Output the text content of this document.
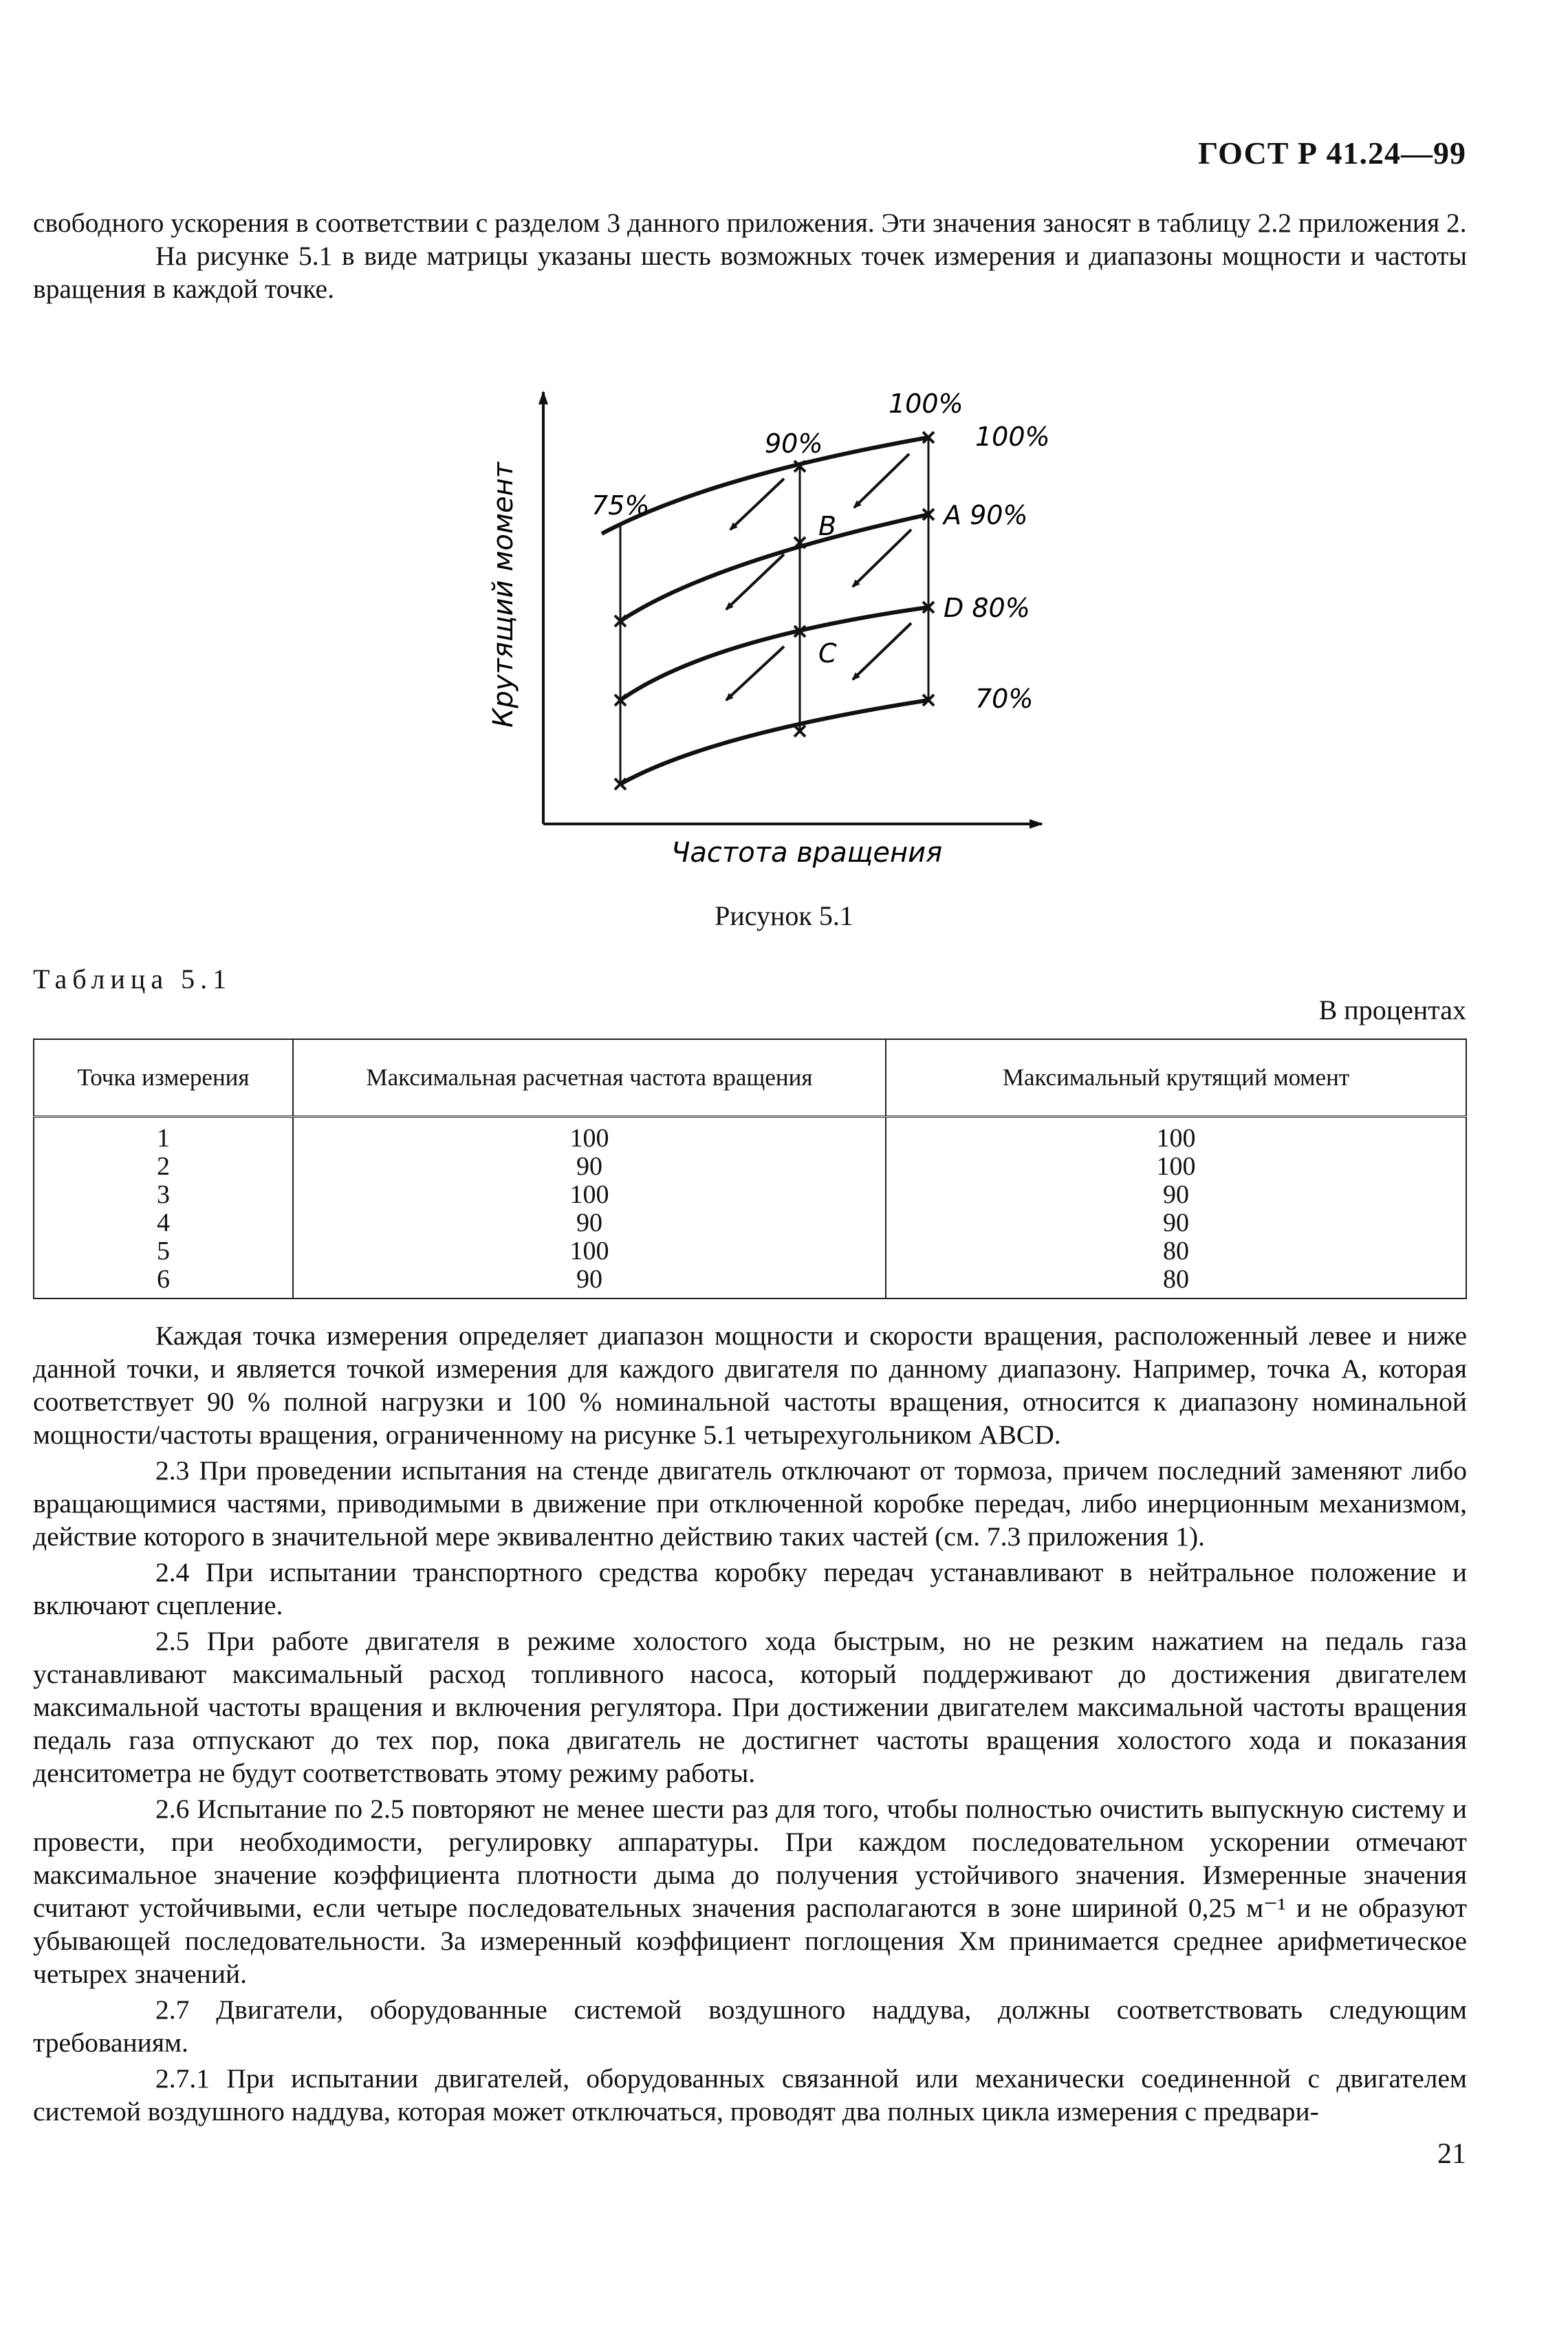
ГОСТ Р 41.24—99

свободного ускорения в соответствии с разделом 3 данного приложения. Эти значения заносят в таблицу 2.2 приложения 2.

На рисунке 5.1 в виде матрицы указаны шесть возможных точек измерения и диапазоны мощности и частоты вращения в каждой точке.

75%
90%
100%
100%
A 90%
D 80%
70%
B
C
Крутящий момент
Частота вращения
Рисунок 5.1
Таблица 5.1
В процентах
Точка измерения	Максимальная расчетная частота вращения	Максимальный крутящий момент
1	100	100
2	90	100
3	100	90
4	90	90
5	100	80
6	90	80

Каждая точка измерения определяет диапазон мощности и скорости вращения, расположенный левее и ниже данной точки, и является точкой измерения для каждого двигателя по данному диапазону. Например, точка A, которая соответствует 90 % полной нагрузки и 100 % номинальной частоты вращения, относится к диапазону номинальной мощности/частоты вращения, ограниченному на рисунке 5.1 четырехугольником ABCD.

2.3 При проведении испытания на стенде двигатель отключают от тормоза, причем последний заменяют либо вращающимися частями, приводимыми в движение при отключенной коробке передач, либо инерционным механизмом, действие которого в значительной мере эквивалентно действию таких частей (см. 7.3 приложения 1).

2.4 При испытании транспортного средства коробку передач устанавливают в нейтральное положение и включают сцепление.

2.5 При работе двигателя в режиме холостого хода быстрым, но не резким нажатием на педаль газа устанавливают максимальный расход топливного насоса, который поддерживают до достижения двигателем максимальной частоты вращения и включения регулятора. При достижении двигателем максимальной частоты вращения педаль газа отпускают до тех пор, пока двигатель не достигнет частоты вращения холостого хода и показания денситометра не будут соответствовать этому режиму работы.

2.6 Испытание по 2.5 повторяют не менее шести раз для того, чтобы полностью очистить выпускную систему и провести, при необходимости, регулировку аппаратуры. При каждом последовательном ускорении отмечают максимальное значение коэффициента плотности дыма до получения устойчивого значения. Измеренные значения считают устойчивыми, если четыре последовательных значения располагаются в зоне шириной 0,25 м⁻¹ и не образуют убывающей последовательности. За измеренный коэффициент поглощения Xм принимается среднее арифметическое четырех значений.

2.7 Двигатели, оборудованные системой воздушного наддува, должны соответствовать следующим требованиям.

2.7.1 При испытании двигателей, оборудованных связанной или механически соединенной с двигателем системой воздушного наддува, которая может отключаться, проводят два полных цикла измерения с предвари-

21
